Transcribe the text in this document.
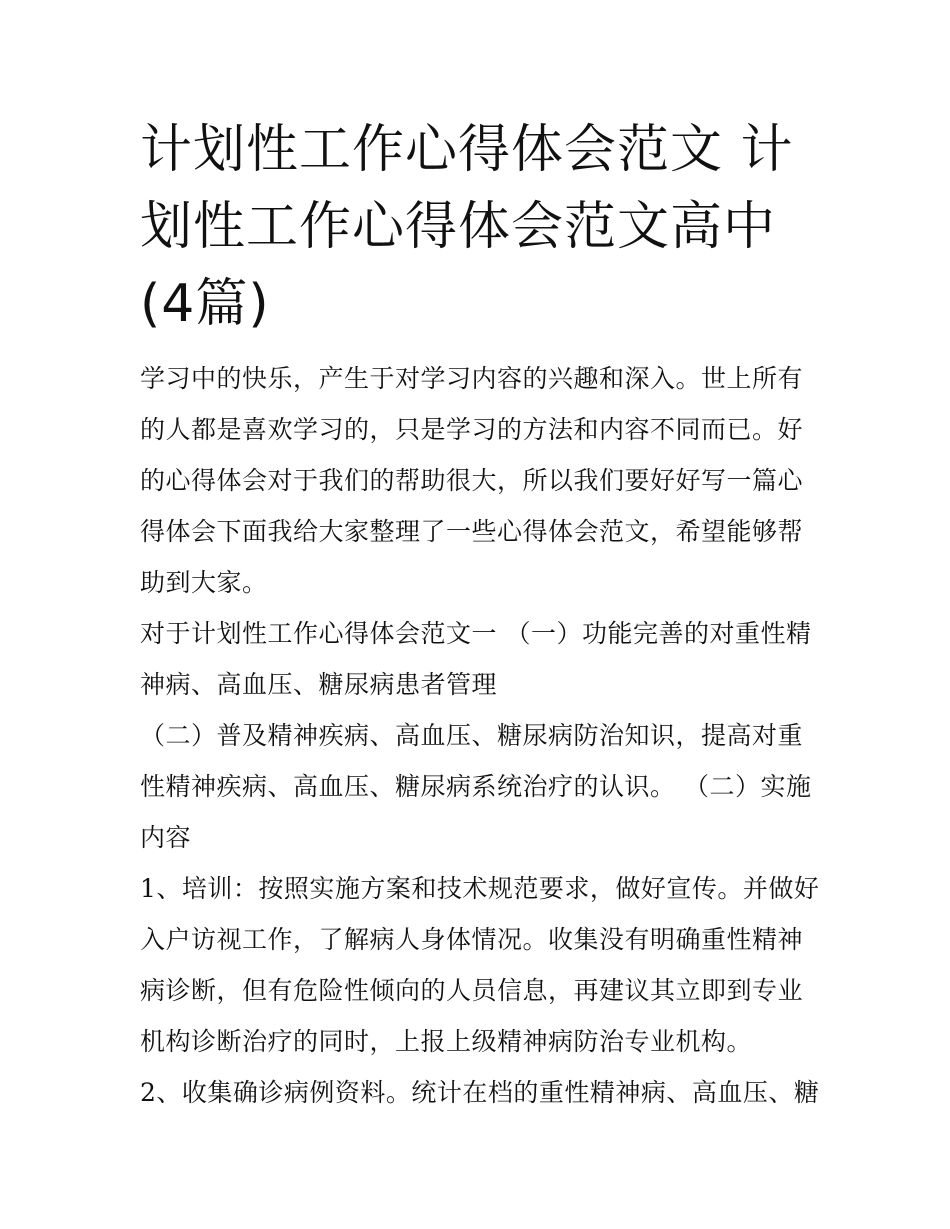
计划性工作心得体会范文 计划性工作心得体会范文高中(4篇)

学习中的快乐，产生于对学习内容的兴趣和深入。世上所有的人都是喜欢学习的，只是学习的方法和内容不同而已。好的心得体会对于我们的帮助很大，所以我们要好好写一篇心得体会下面我给大家整理了一些心得体会范文，希望能够帮助到大家。

对于计划性工作心得体会范文一 （一）功能完善的对重性精神病、高血压、糖尿病患者管理

（二）普及精神疾病、高血压、糖尿病防治知识，提高对重性精神疾病、高血压、糖尿病系统治疗的认识。 （二）实施内容

1、培训：按照实施方案和技术规范要求，做好宣传。并做好入户访视工作，了解病人身体情况。收集没有明确重性精神病诊断，但有危险性倾向的人员信息，再建议其立即到专业机构诊断治疗的同时，上报上级精神病防治专业机构。

2、收集确诊病例资料。统计在档的重性精神病、高血压、糖
